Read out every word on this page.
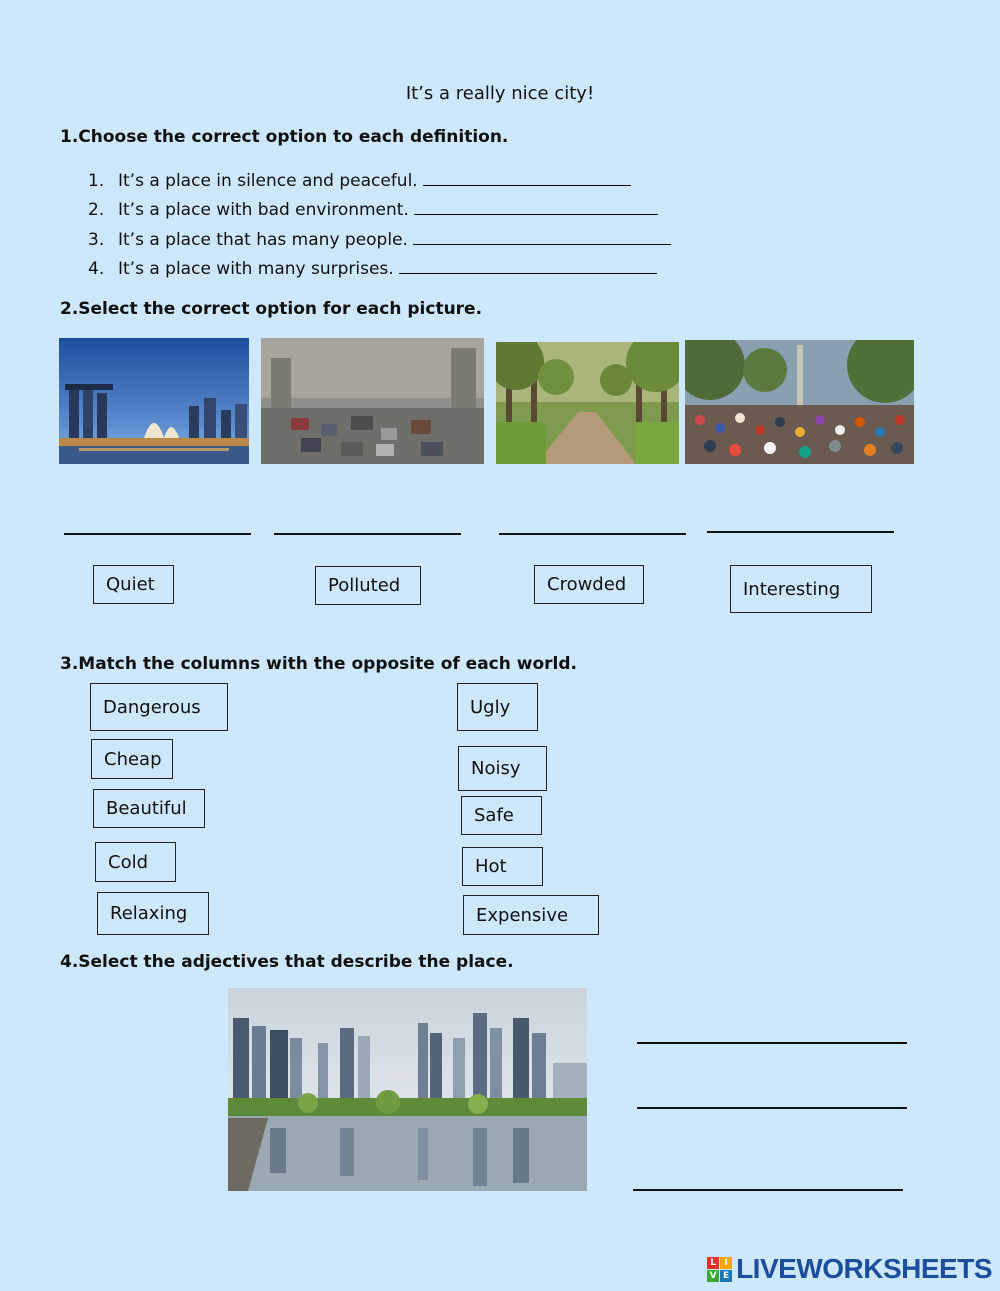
It’s a really nice city!
1.Choose the correct option to each definition.
1. It’s a place in silence and peaceful.
2. It’s a place with bad environment.
3. It’s a place that has many people.
4. It’s a place with many surprises.
2.Select the correct option for each picture.
Quiet	Polluted	Crowded	Interesting
3.Match the columns with the opposite of each world.
Dangerous
Cheap
Beautiful
Cold
Relaxing
Ugly
Noisy
Safe
Hot
Expensive
4.Select the adjectives that describe the place.
L I
V E LIVEWORKSHEETS
